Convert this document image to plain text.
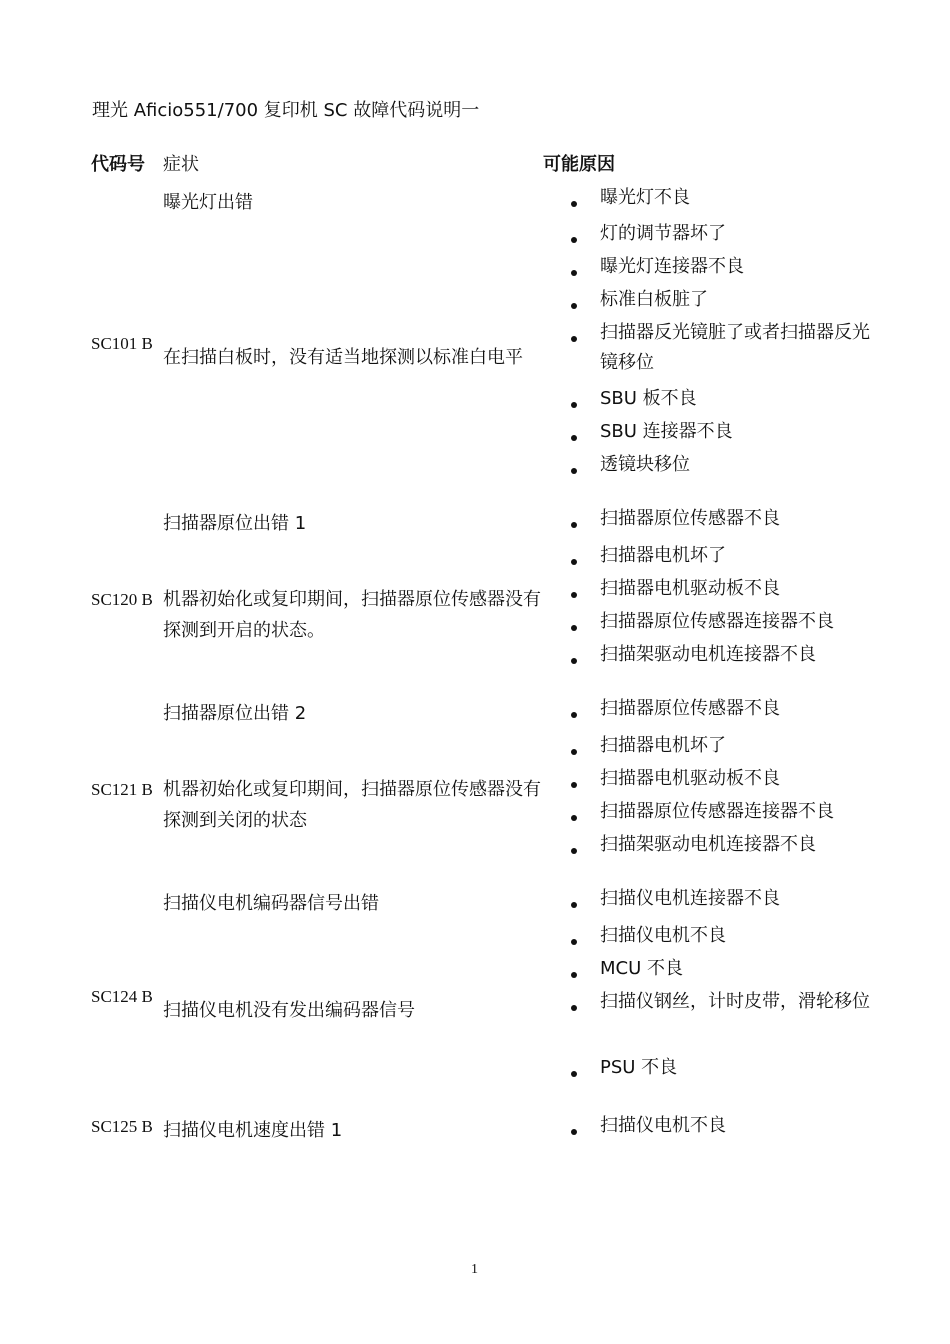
理光 Aficio551/700 复印机 SC 故障代码说明一
代码号 症状	可能原因
曝光灯出错
SC101 B
在扫描白板时，没有适当地探测以标准白电平
曝光灯不良
灯的调节器坏了
曝光灯连接器不良
标准白板脏了
扫描器反光镜脏了或者扫描器反光镜移位
SBU 板不良
SBU 连接器不良
透镜块移位
扫描器原位出错 1
SC120 B 机器初始化或复印期间，扫描器原位传感器没有探测到开启的状态。
扫描器原位传感器不良
扫描器电机坏了
扫描器电机驱动板不良
扫描器原位传感器连接器不良
扫描架驱动电机连接器不良
扫描器原位出错 2
SC121 B 机器初始化或复印期间，扫描器原位传感器没有探测到关闭的状态
扫描器原位传感器不良
扫描器电机坏了
扫描器电机驱动板不良
扫描器原位传感器连接器不良
扫描架驱动电机连接器不良
扫描仪电机编码器信号出错
SC124 B
扫描仪电机没有发出编码器信号
扫描仪电机连接器不良
扫描仪电机不良
MCU 不良
扫描仪钢丝，计时皮带，滑轮移位
PSU 不良
SC125 B 扫描仪电机速度出错 1	扫描仪电机不良
1
